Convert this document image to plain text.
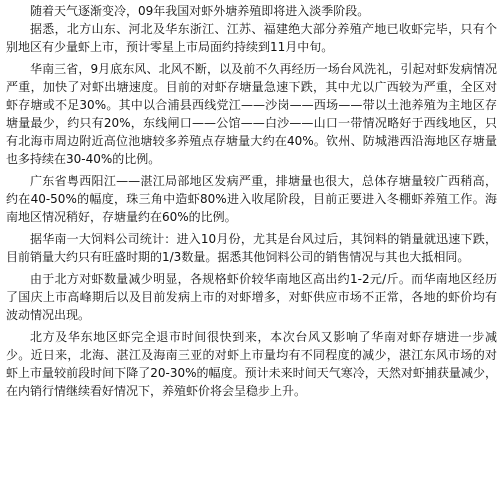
随着天气逐渐变冷，09年我国对虾外塘养殖即将进入淡季阶段。

据悉，北方山东、河北及华东浙江、江苏、福建绝大部分养殖产地已收虾完毕，只有个别地区有少量虾上市，预计零星上市局面约持续到11月中旬。

华南三省，9月底东风、北风不断，以及前不久再经历一场台风洗礼，引起对虾发病情况严重，加快了对虾出塘速度。目前的对虾存塘量急速下跌，其中尤以广西较为严重，全区对虾存塘或不足30%。其中以合浦县西线党江——沙岗——西场——带以土池养殖为主地区存塘量最少，约只有20%，东线闸口——公馆——白沙——山口一带情况略好于西线地区，只有北海市周边附近高位池塘较多养殖点存塘量大约在40%。钦州、防城港西沿海地区存塘量也多持续在30-40%的比例。

广东省粤西阳江——湛江局部地区发病严重，排塘量也很大，总体存塘量较广西稍高，约在40-50%的幅度，珠三角中造虾80%进入收尾阶段，目前正要进入冬棚虾养殖工作。海南地区情况稍好，存塘量约在60%的比例。

据华南一大饲料公司统计：进入10月份，尤其是台风过后，其饲料的销量就迅速下跌，目前销量大约只有旺盛时期的1/3数量。据悉其他饲料公司的销售情况与其也大抵相同。

由于北方对虾数量减少明显，各规格虾价较华南地区高出约1-2元/斤。而华南地区经历了国庆上市高峰期后以及目前发病上市的对虾增多，对虾供应市场不正常，各地的虾价均有波动情况出现。

北方及华东地区虾完全退市时间很快到来，本次台风又影响了华南对虾存塘进一步减少。近日来，北海、湛江及海南三亚的对虾上市量均有不同程度的减少，湛江东风市场的对虾上市量较前段时间下降了20-30%的幅度。预计未来时间天气寒冷，天然对虾捕获量减少，在内销行情继续看好情况下，养殖虾价将会呈稳步上升。
